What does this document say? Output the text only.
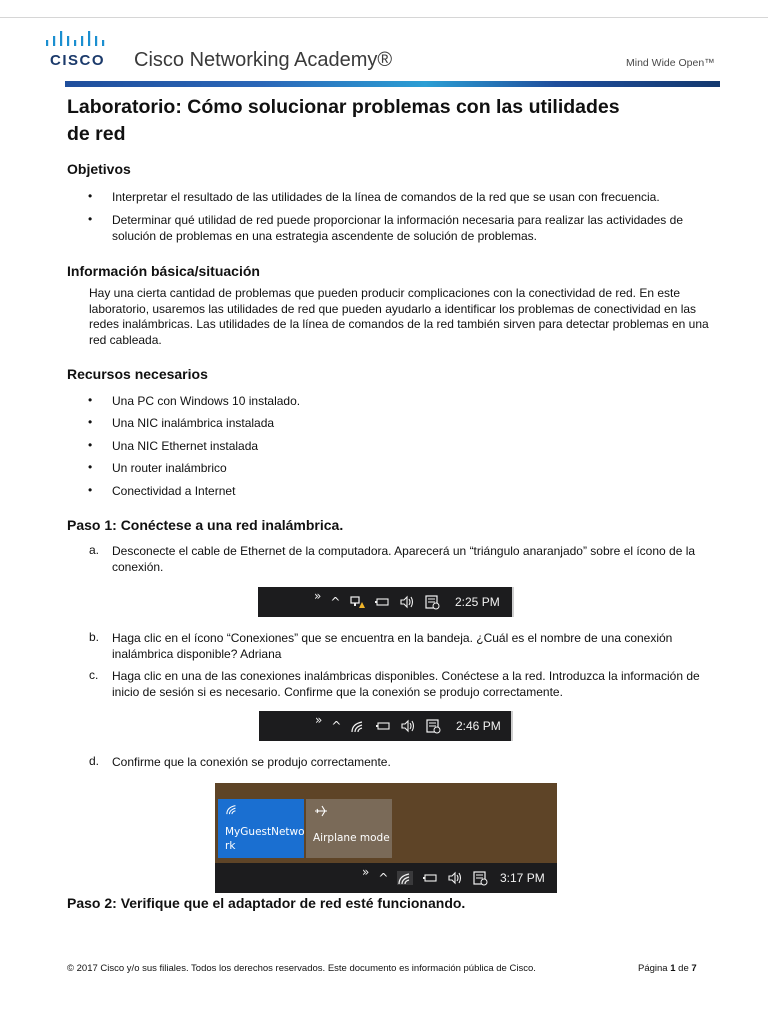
CISCO Cisco Networking Academy®	Mind Wide Open™
Laboratorio: Cómo solucionar problemas con las utilidades
de red
Objetivos
• Interpretar el resultado de las utilidades de la línea de comandos de la red que se usan con frecuencia.
• Determinar qué utilidad de red puede proporcionar la información necesaria para realizar las actividades de solución de problemas en una estrategia ascendente de solución de problemas.
Información básica/situación
Hay una cierta cantidad de problemas que pueden producir complicaciones con la conectividad de red. En este laboratorio, usaremos las utilidades de red que pueden ayudarlo a identificar los problemas de conectividad en las redes inalámbricas. Las utilidades de la línea de comandos de la red también sirven para detectar problemas en una red cableada.
Recursos necesarios
• Una PC con Windows 10 instalado.
• Una NIC inalámbrica instalada
• Una NIC Ethernet instalada
• Un router inalámbrico
• Conectividad a Internet
Paso 1: Conéctese a una red inalámbrica.
a. Desconecte el cable de Ethernet de la computadora. Aparecerá un “triángulo anaranjado” sobre el ícono de la conexión.
» ^	2:25 PM
b. Haga clic en el ícono “Conexiones” que se encuentra en la bandeja. ¿Cuál es el nombre de una conexión inalámbrica disponible? Adriana
c. Haga clic en una de las conexiones inalámbricas disponibles. Conéctese a la red. Introduzca la información de inicio de sesión si es necesario. Confirme que la conexión se produjo correctamente.
» ^	2:46 PM
d. Confirme que la conexión se produjo correctamente.
MyGuestNetwork
Airplane mode
» ^	3:17 PM
Paso 2: Verifique que el adaptador de red esté funcionando.
© 2017 Cisco y/o sus filiales. Todos los derechos reservados. Este documento es información pública de Cisco.	Página 1 de 7
